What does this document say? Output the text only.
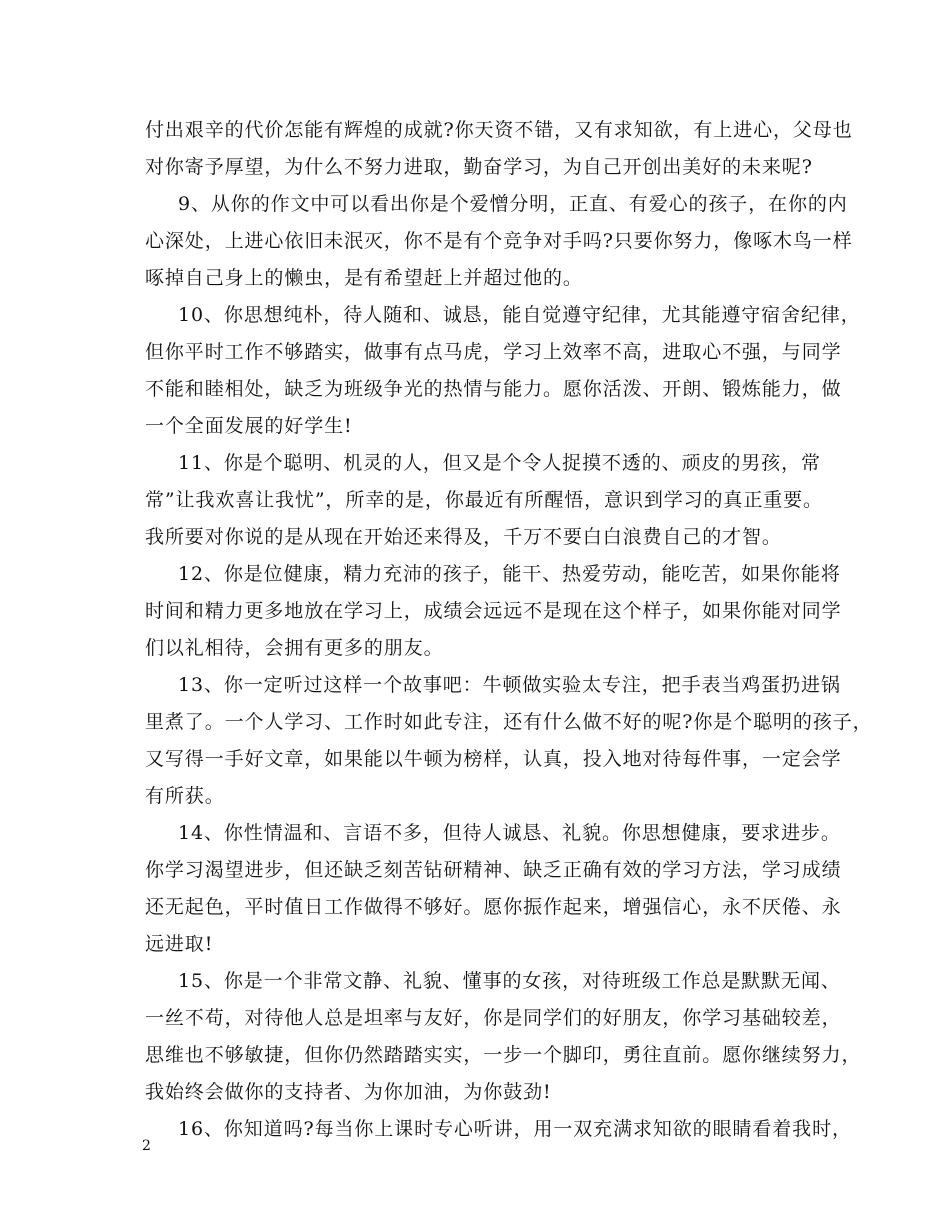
付出艰辛的代价怎能有辉煌的成就?你天资不错，又有求知欲，有上进心，父母也
对你寄予厚望，为什么不努力进取，勤奋学习，为自己开创出美好的未来呢?
9、从你的作文中可以看出你是个爱憎分明，正直、有爱心的孩子，在你的内
心深处，上进心依旧未泯灭，你不是有个竞争对手吗?只要你努力，像啄木鸟一样
啄掉自己身上的懒虫，是有希望赶上并超过他的。
10、你思想纯朴，待人随和、诚恳，能自觉遵守纪律，尤其能遵守宿舍纪律，
但你平时工作不够踏实，做事有点马虎，学习上效率不高，进取心不强，与同学
不能和睦相处，缺乏为班级争光的热情与能力。愿你活泼、开朗、锻炼能力，做
一个全面发展的好学生!
11、你是个聪明、机灵的人，但又是个令人捉摸不透的、顽皮的男孩，常
常”让我欢喜让我忧”，所幸的是，你最近有所醒悟，意识到学习的真正重要。
我所要对你说的是从现在开始还来得及，千万不要白白浪费自己的才智。
12、你是位健康，精力充沛的孩子，能干、热爱劳动，能吃苦，如果你能将
时间和精力更多地放在学习上，成绩会远远不是现在这个样子，如果你能对同学
们以礼相待，会拥有更多的朋友。
13、你一定听过这样一个故事吧：牛顿做实验太专注，把手表当鸡蛋扔进锅
里煮了。一个人学习、工作时如此专注，还有什么做不好的呢?你是个聪明的孩子，
又写得一手好文章，如果能以牛顿为榜样，认真，投入地对待每件事，一定会学
有所获。
14、你性情温和、言语不多，但待人诚恳、礼貌。你思想健康，要求进步。
你学习渴望进步，但还缺乏刻苦钻研精神、缺乏正确有效的学习方法，学习成绩
还无起色，平时值日工作做得不够好。愿你振作起来，增强信心，永不厌倦、永
远进取!
15、你是一个非常文静、礼貌、懂事的女孩，对待班级工作总是默默无闻、
一丝不苟，对待他人总是坦率与友好，你是同学们的好朋友，你学习基础较差，
思维也不够敏捷，但你仍然踏踏实实，一步一个脚印，勇往直前。愿你继续努力，
我始终会做你的支持者、为你加油，为你鼓劲!
16、你知道吗?每当你上课时专心听讲，用一双充满求知欲的眼睛看着我时，
2
